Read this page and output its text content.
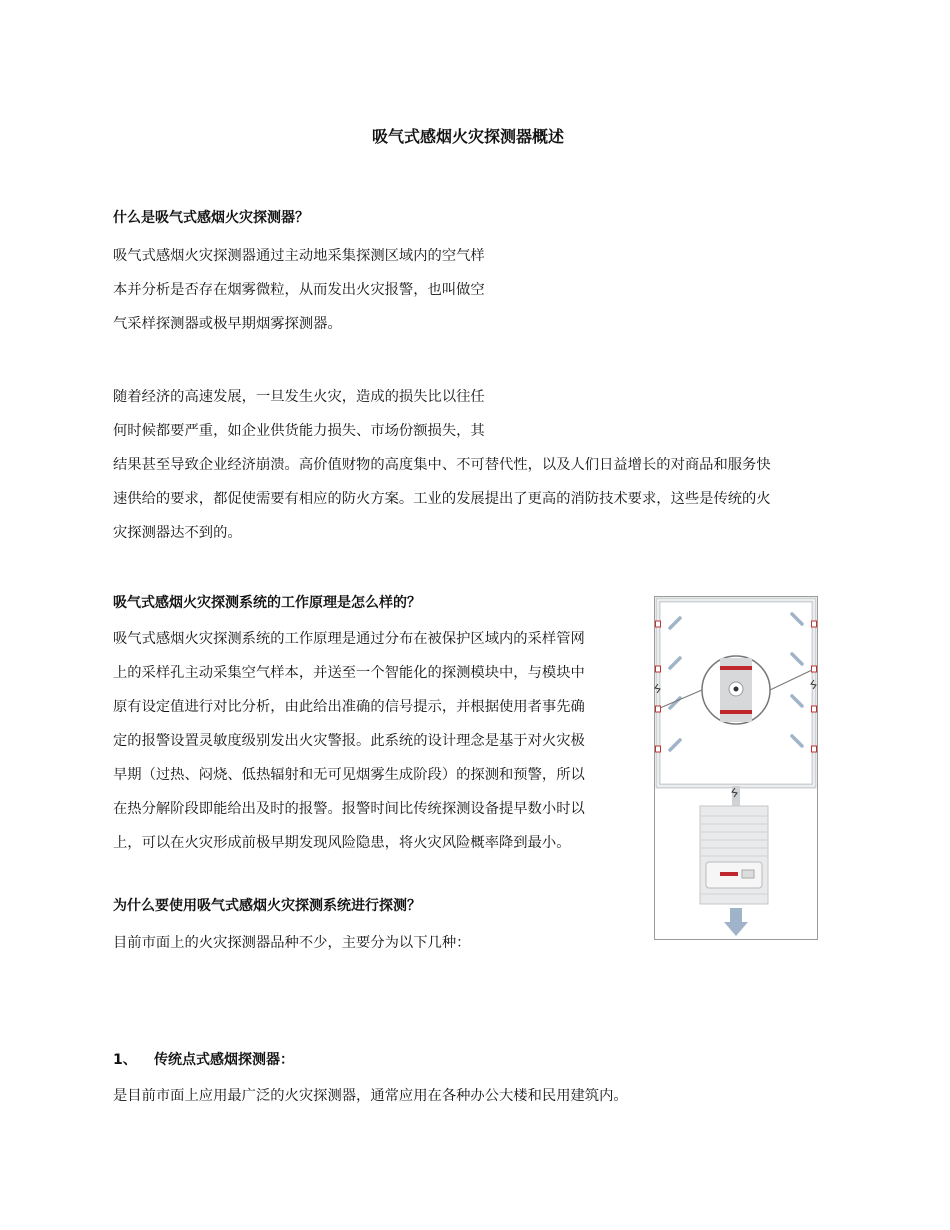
吸气式感烟火灾探测器概述
什么是吸气式感烟火灾探测器？
吸气式感烟火灾探测器通过主动地采集探测区域内的空气样
本并分析是否存在烟雾微粒，从而发出火灾报警，也叫做空
气采样探测器或极早期烟雾探测器。
随着经济的高速发展，一旦发生火灾，造成的损失比以往任
何时候都要严重，如企业供货能力损失、市场份额损失，其
结果甚至导致企业经济崩溃。高价值财物的高度集中、不可替代性，以及人们日益增长的对商品和服务快
速供给的要求，都促使需要有相应的防火方案。工业的发展提出了更高的消防技术要求，这些是传统的火
灾探测器达不到的。
吸气式感烟火灾探测系统的工作原理是怎么样的？
吸气式感烟火灾探测系统的工作原理是通过分布在被保护区域内的采样管网
上的采样孔主动采集空气样本，并送至一个智能化的探测模块中，与模块中
原有设定值进行对比分析，由此给出准确的信号提示，并根据使用者事先确
定的报警设置灵敏度级别发出火灾警报。此系统的设计理念是基于对火灾极
早期（过热、闷烧、低热辐射和无可见烟雾生成阶段）的探测和预警，所以
在热分解阶段即能给出及时的报警。报警时间比传统探测设备提早数小时以
上，可以在火灾形成前极早期发现风险隐患，将火灾风险概率降到最小。
为什么要使用吸气式感烟火灾探测系统进行探测？
目前市面上的火灾探测器品种不少，主要分为以下几种：
1、 传统点式感烟探测器：
是目前市面上应用最广泛的火灾探测器，通常应用在各种办公大楼和民用建筑内。
